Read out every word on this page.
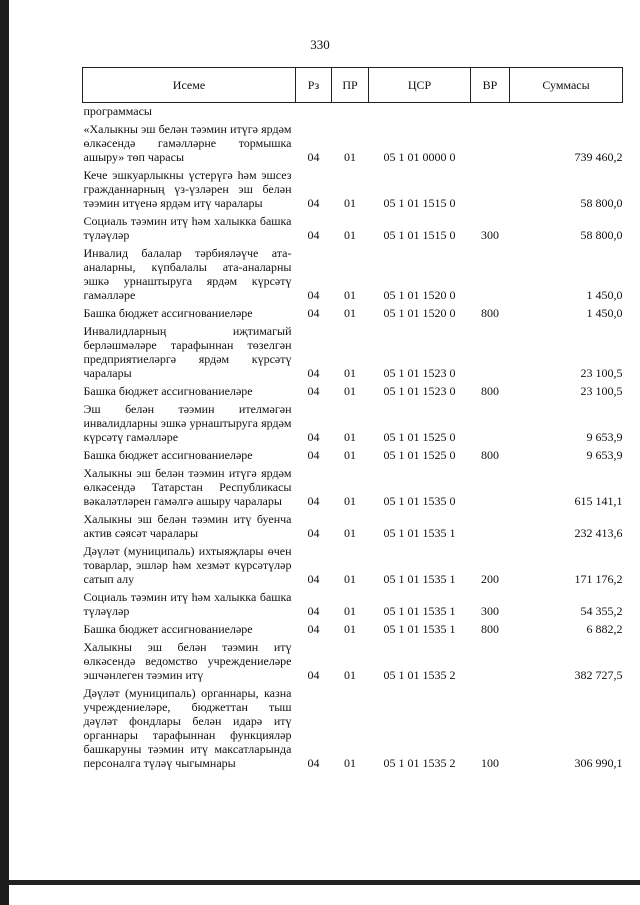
330
Исеме	Рз	ПР	ЦСР	ВР	Суммасы
программасы					
«Халыкны эш белән тәэмин итүгә ярдәм өлкәсендә гамәлләрне тормышка ашыру» төп чарасы	04	01	05 1 01 0000 0		739 460,2
Кече эшкуарлыкны үстерүгә һәм эшсез гражданнарның үз-үзләрен эш белән тәэмин итүенә ярдәм итү чаралары	04	01	05 1 01 1515 0		58 800,0
Социаль тәэмин итү һәм халыкка башка түләүләр	04	01	05 1 01 1515 0	300	58 800,0
Инвалид балалар тәрбияләүче ата-аналарны, күпбалалы ата-аналарны эшкә урнаштыруга ярдәм күрсәтү гамәлләре	04	01	05 1 01 1520 0		1 450,0
Башка бюджет ассигнованиеләре	04	01	05 1 01 1520 0	800	1 450,0
Инвалидларның иҗтимагый берләшмәләре тарафыннан төзелгән предприятиеләргә ярдәм күрсәтү чаралары	04	01	05 1 01 1523 0		23 100,5
Башка бюджет ассигнованиеләре	04	01	05 1 01 1523 0	800	23 100,5
Эш белән тәэмин ителмәгән инвалидларны эшкә урнаштыруга ярдәм күрсәтү гамәлләре	04	01	05 1 01 1525 0		9 653,9
Башка бюджет ассигнованиеләре	04	01	05 1 01 1525 0	800	9 653,9
Халыкны эш белән тәэмин итүгә ярдәм өлкәсендә Татарстан Республикасы вәкаләтләрен гамәлгә ашыру чаралары	04	01	05 1 01 1535 0		615 141,1
Халыкны эш белән тәэмин итү буенча актив сәясәт чаралары	04	01	05 1 01 1535 1		232 413,6
Дәүләт (муниципаль) ихтыяҗлары өчен товарлар, эшләр һәм хезмәт күрсәтүләр сатып алу	04	01	05 1 01 1535 1	200	171 176,2
Социаль тәэмин итү һәм халыкка башка түләүләр	04	01	05 1 01 1535 1	300	54 355,2
Башка бюджет ассигнованиеләре	04	01	05 1 01 1535 1	800	6 882,2
Халыкны эш белән тәэмин итү өлкәсендә ведомство учреждениеләре эшчәнлеген тәэмин итү	04	01	05 1 01 1535 2		382 727,5
Дәүләт (муниципаль) органнары, казна учреждениеләре, бюджеттан тыш дәүләт фондлары белән идарә итү органнары тарафыннан функцияләр башкаруны тәэмин итү максатларында персоналга түләү чыгымнары	04	01	05 1 01 1535 2	100	306 990,1
